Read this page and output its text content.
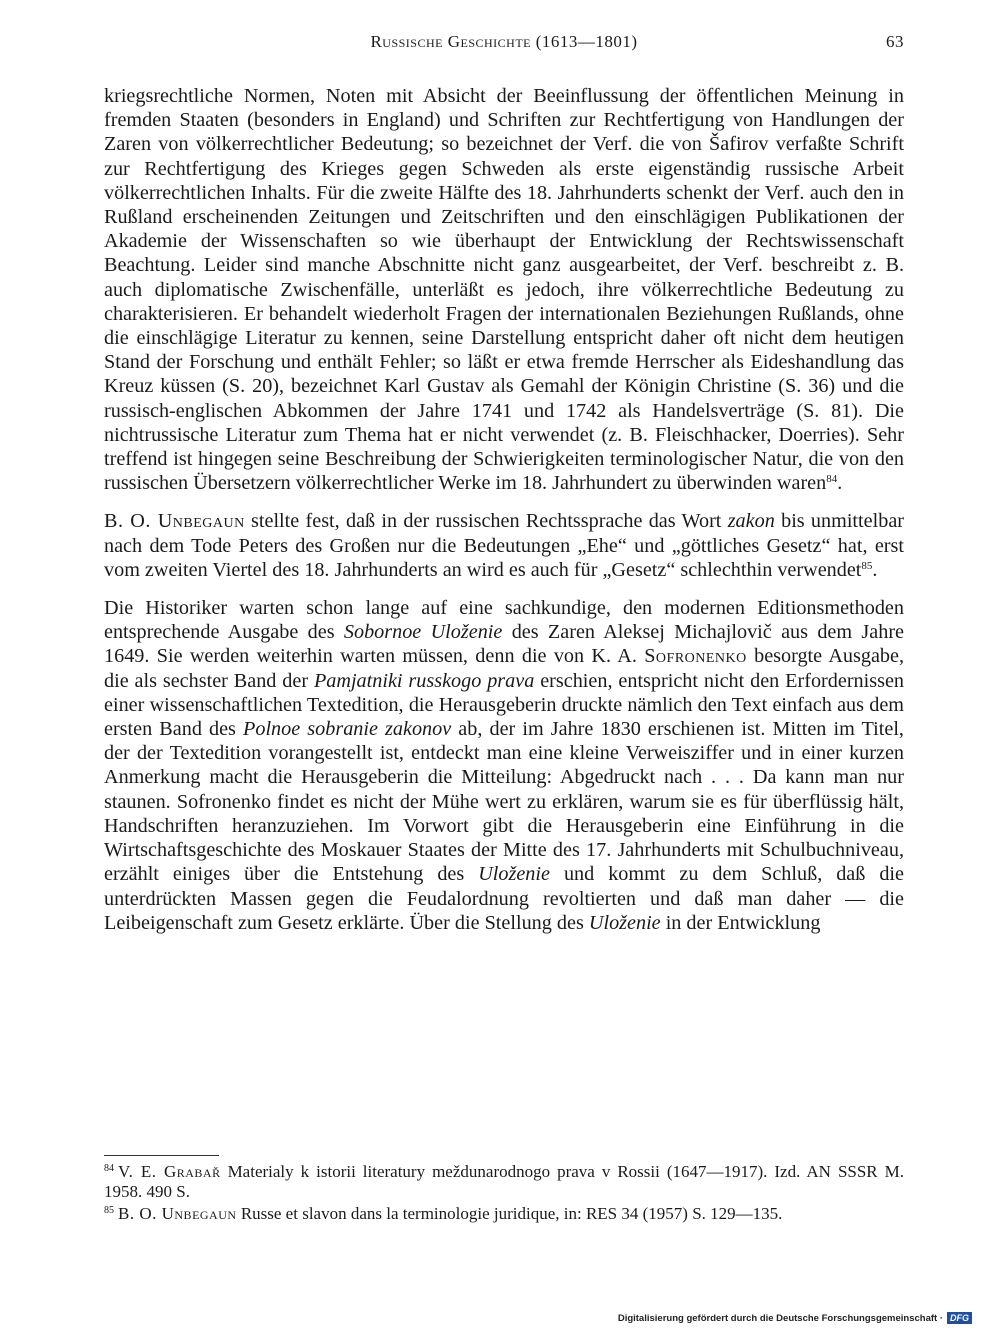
Russische Geschichte (1613—1801)	63

kriegsrechtliche Normen, Noten mit Absicht der Beeinflussung der öffentlichen Meinung in fremden Staaten (besonders in England) und Schriften zur Rechtfertigung von Handlungen der Zaren von völkerrechtlicher Bedeutung; so bezeichnet der Verf. die von Šafirov verfaßte Schrift zur Rechtfertigung des Krieges gegen Schweden als erste eigenständig russische Arbeit völkerrechtlichen Inhalts. Für die zweite Hälfte des 18. Jahrhunderts schenkt der Verf. auch den in Rußland erscheinenden Zeitungen und Zeitschriften und den einschlägigen Publikationen der Akademie der Wissenschaften so wie überhaupt der Entwicklung der Rechtswissenschaft Beachtung. Leider sind manche Abschnitte nicht ganz ausgearbeitet, der Verf. beschreibt z. B. auch diplomatische Zwischenfälle, unterläßt es jedoch, ihre völkerrechtliche Bedeutung zu charakterisieren. Er behandelt wiederholt Fragen der internationalen Beziehungen Rußlands, ohne die einschlägige Literatur zu kennen, seine Darstellung entspricht daher oft nicht dem heutigen Stand der Forschung und enthält Fehler; so läßt er etwa fremde Herrscher als Eideshandlung das Kreuz küssen (S. 20), bezeichnet Karl Gustav als Gemahl der Königin Christine (S. 36) und die russisch-englischen Abkommen der Jahre 1741 und 1742 als Handelsverträge (S. 81). Die nichtrussische Literatur zum Thema hat er nicht verwendet (z. B. Fleischhacker, Doerries). Sehr treffend ist hingegen seine Beschreibung der Schwierigkeiten terminologischer Natur, die von den russischen Übersetzern völkerrechtlicher Werke im 18. Jahrhundert zu überwinden waren$^{84}$.

B. O. Unbegaun stellte fest, daß in der russischen Rechtssprache das Wort zakon bis unmittelbar nach dem Tode Peters des Großen nur die Bedeutungen „Ehe“ und „göttliches Gesetz“ hat, erst vom zweiten Viertel des 18. Jahrhunderts an wird es auch für „Gesetz“ schlechthin verwendet$^{85}$.

Die Historiker warten schon lange auf eine sachkundige, den modernen Editionsmethoden entsprechende Ausgabe des Sobornoe Uloženie des Zaren Aleksej Michajlovič aus dem Jahre 1649. Sie werden weiterhin warten müssen, denn die von K. A. Sofronenko besorgte Ausgabe, die als sechster Band der Pamjatniki russkogo prava erschien, entspricht nicht den Erfordernissen einer wissenschaftlichen Textedition, die Herausgeberin druckte nämlich den Text einfach aus dem ersten Band des Polnoe sobranie zakonov ab, der im Jahre 1830 erschienen ist. Mitten im Titel, der der Textedition vorangestellt ist, entdeckt man eine kleine Verweisziffer und in einer kurzen Anmerkung macht die Herausgeberin die Mitteilung: Abgedruckt nach . . . Da kann man nur staunen. Sofronenko findet es nicht der Mühe wert zu erklären, warum sie es für überflüssig hält, Handschriften heranzuziehen. Im Vorwort gibt die Herausgeberin eine Einführung in die Wirtschaftsgeschichte des Moskauer Staates der Mitte des 17. Jahrhunderts mit Schulbuchniveau, erzählt einiges über die Entstehung des Uloženie und kommt zu dem Schluß, daß die unterdrückten Massen gegen die Feudalordnung revoltierten und daß man daher — die Leibeigenschaft zum Gesetz erklärte. Über die Stellung des Uloženie in der Entwicklung

$^{84}$ V. E. Grabař Materialy k istorii literatury meždunarodnogo prava v Rossii (1647—1917). Izd. AN SSSR M. 1958. 490 S.

$^{85}$ B. O. Unbegaun Russe et slavon dans la terminologie juridique, in: RES 34 (1957) S. 129—135.

Digitalisierung gefördert durch die Deutsche Forschungsgemeinschaft · DFG
